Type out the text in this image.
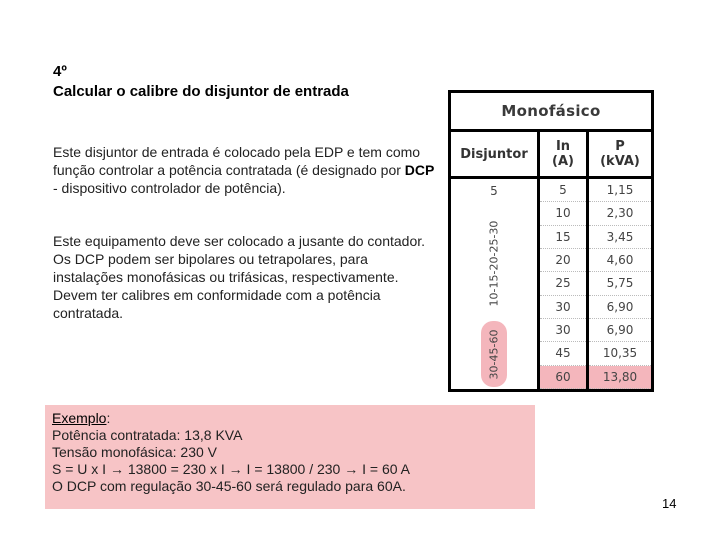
4º
Calcular o calibre do disjuntor de entrada
Este disjuntor de entrada é colocado pela EDP e tem como função controlar a potência contratada (é designado por DCP - dispositivo controlador de potência).
Este equipamento deve ser colocado a jusante do contador.
Os DCP podem ser bipolares ou tetrapolares, para instalações monofásicas ou trifásicas, respectivamente. Devem ter calibres em conformidade com a potência contratada.
Monofásico
Disjuntor	In
(A)
P
(kVA)
5
10-15-20-25-30
30-45-60
5
10
15
20
25
30
30
45
60
1,15
2,30
3,45
4,60
5,75
6,90
6,90
10,35
13,80
Exemplo:
Potência contratada: 13,8 KVA
Tensão monofásica: 230 V
S = U x I → 13800 = 230 x I → I = 13800 / 230 → I = 60 A
O DCP com regulação 30-45-60 será regulado para 60A.
14
